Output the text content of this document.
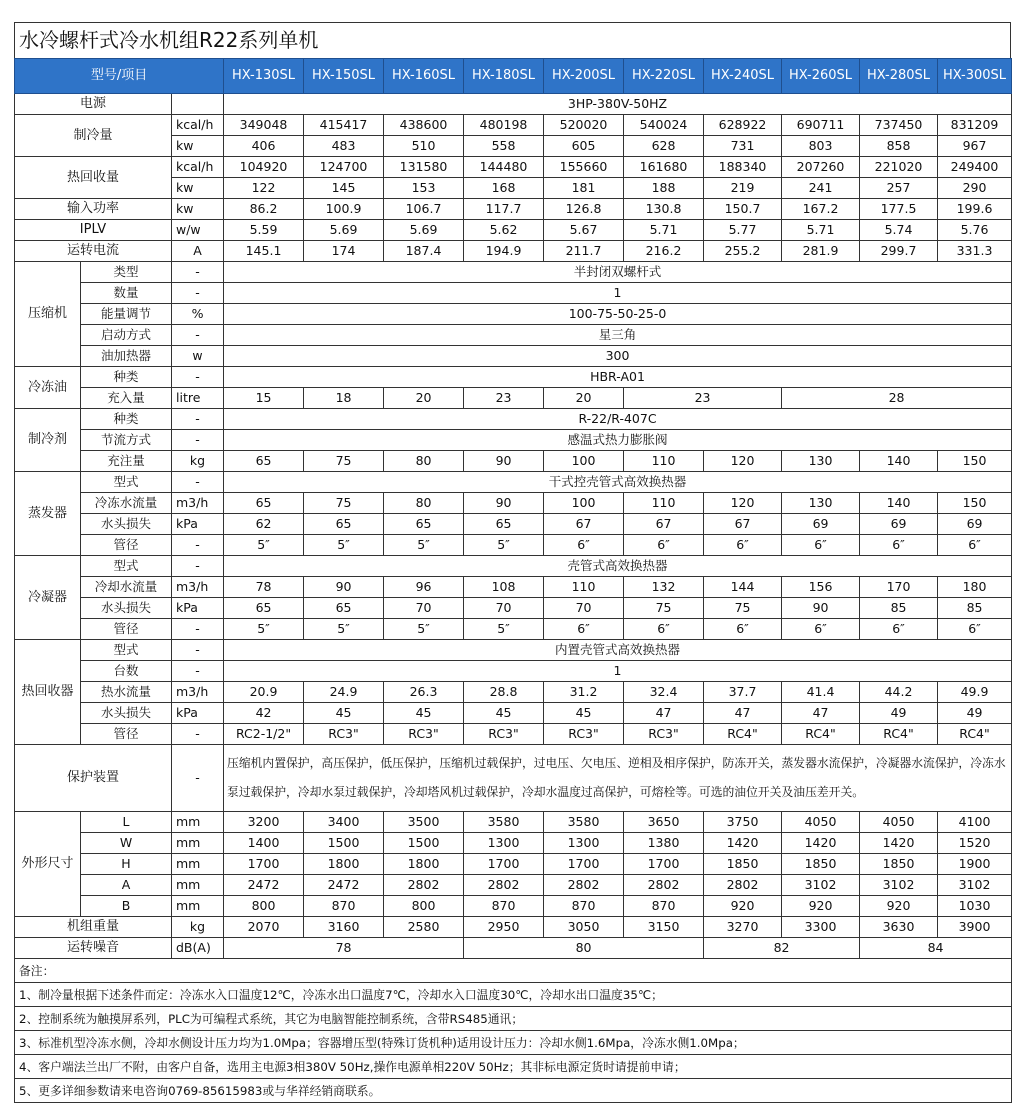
水冷螺杆式冷水机组R22系列单机
型号/项目			HX-130SL	HX-150SL	HX-160SL	HX-180SL	HX-200SL	HX-220SL	HX-240SL	HX-260SL	HX-280SL	HX-300SL
电源			3HP-380V-50HZ									
制冷量		kcal/h	349048	415417	438600	480198	520020	540024	628922	690711	737450	831209
		kw	406	483	510	558	605	628	731	803	858	967
热回收量		kcal/h	104920	124700	131580	144480	155660	161680	188340	207260	221020	249400
		kw	122	145	153	168	181	188	219	241	257	290
输入功率		kw	86.2	100.9	106.7	117.7	126.8	130.8	150.7	167.2	177.5	199.6
IPLV		w/w	5.59	5.69	5.69	5.62	5.67	5.71	5.77	5.71	5.74	5.76
运转电流		A	145.1	174	187.4	194.9	211.7	216.2	255.2	281.9	299.7	331.3
压缩机	类型	-	半封闭双螺杆式									
	数量	-	1									
	能量调节	%	100-75-50-25-0									
	启动方式	-	星三角									
	油加热器	w	300									
冷冻油	种类	-	HBR-A01									
	充入量	litre	15	18	20	23	20	23		28		
制冷剂	种类	-	R-22/R-407C									
	节流方式	-	感温式热力膨胀阀									
	充注量	kg	65	75	80	90	100	110	120	130	140	150
蒸发器	型式	-	干式控壳管式高效换热器									
	冷冻水流量	m3/h	65	75	80	90	100	110	120	130	140	150
	水头损失	kPa	62	65	65	65	67	67	67	69	69	69
	管径	-	5″	5″	5″	5″	6″	6″	6″	6″	6″	6″
冷凝器	型式	-	壳管式高效换热器									
	冷却水流量	m3/h	78	90	96	108	110	132	144	156	170	180
	水头损失	kPa	65	65	70	70	70	75	75	90	85	85
	管径	-	5″	5″	5″	5″	6″	6″	6″	6″	6″	6″
热回收器	型式	-	内置壳管式高效换热器									
	台数	-	1									
	热水流量	m3/h	20.9	24.9	26.3	28.8	31.2	32.4	37.7	41.4	44.2	49.9
	水头损失	kPa	42	45	45	45	45	47	47	47	49	49
	管径	-	RC2-1/2"	RC3"	RC3"	RC3"	RC3"	RC3"	RC4"	RC4"	RC4"	RC4"
保护装置		-	压缩机内置保护，高压保护，低压保护，压缩机过载保护，过电压、欠电压、逆相及相序保护，防冻开关，蒸发器水流保护，冷凝器水流保护，冷冻水泵过载保护，冷却水泵过载保护，冷却塔风机过载保护，冷却水温度过高保护，可熔栓等。可选的油位开关及油压差开关。									
外形尺寸	L	mm	3200	3400	3500	3580	3580	3650	3750	4050	4050	4100
	W	mm	1400	1500	1500	1300	1300	1380	1420	1420	1420	1520
	H	mm	1700	1800	1800	1700	1700	1700	1850	1850	1850	1900
	A	mm	2472	2472	2802	2802	2802	2802	2802	3102	3102	3102
	B	mm	800	870	800	870	870	870	920	920	920	1030
机组重量		kg	2070	3160	2580	2950	3050	3150	3270	3300	3630	3900
运转噪音		dB(A)	78			80			82		84	
备注：												
1、制冷量根据下述条件而定：冷冻水入口温度12℃，冷冻水出口温度7℃，冷却水入口温度30℃，冷却水出口温度35℃；												
2、控制系统为触摸屏系列，PLC为可编程式系统，其它为电脑智能控制系统，含带RS485通讯；												
3、标准机型冷冻水侧，冷却水侧设计压力均为1.0Mpa；容器增压型(特殊订货机种)适用设计压力：冷却水侧1.6Mpa，冷冻水侧1.0Mpa；												
4、客户端法兰出厂不附，由客户自备，选用主电源3相380V 50Hz,操作电源单相220V 50Hz；其非标电源定货时请提前申请；												
5、更多详细参数请来电咨询0769-85615983或与华祥经销商联系。												
